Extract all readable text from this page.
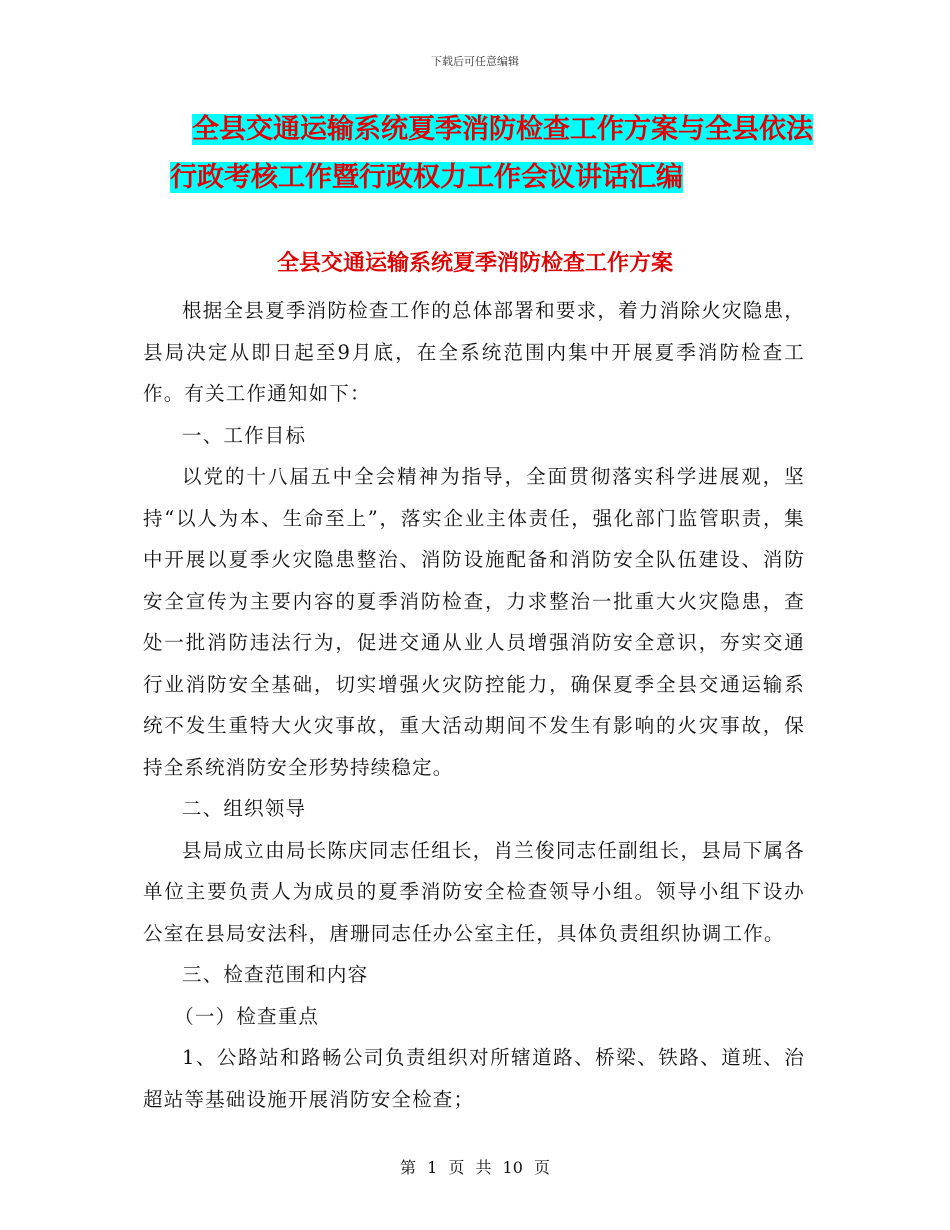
下载后可任意编辑
全县交通运输系统夏季消防检查工作方案与全县依法
行政考核工作暨行政权力工作会议讲话汇编
全县交通运输系统夏季消防检查工作方案

根据全县夏季消防检查工作的总体部署和要求，着力消除火灾隐患，县局决定从即日起至9月底，在全系统范围内集中开展夏季消防检查工作。有关工作通知如下：

一、工作目标

以党的十八届五中全会精神为指导，全面贯彻落实科学进展观，坚持“以人为本、生命至上”，落实企业主体责任，强化部门监管职责，集中开展以夏季火灾隐患整治、消防设施配备和消防安全队伍建设、消防安全宣传为主要内容的夏季消防检查，力求整治一批重大火灾隐患，查处一批消防违法行为，促进交通从业人员增强消防安全意识，夯实交通行业消防安全基础，切实增强火灾防控能力，确保夏季全县交通运输系统不发生重特大火灾事故，重大活动期间不发生有影响的火灾事故，保持全系统消防安全形势持续稳定。

二、组织领导

县局成立由局长陈庆同志任组长，肖兰俊同志任副组长，县局下属各单位主要负责人为成员的夏季消防安全检查领导小组。领导小组下设办公室在县局安法科，唐珊同志任办公室主任，具体负责组织协调工作。

三、检查范围和内容

（一）检查重点

1、公路站和路畅公司负责组织对所辖道路、桥梁、铁路、道班、治超站等基础设施开展消防安全检查；

第 1 页 共 10 页
